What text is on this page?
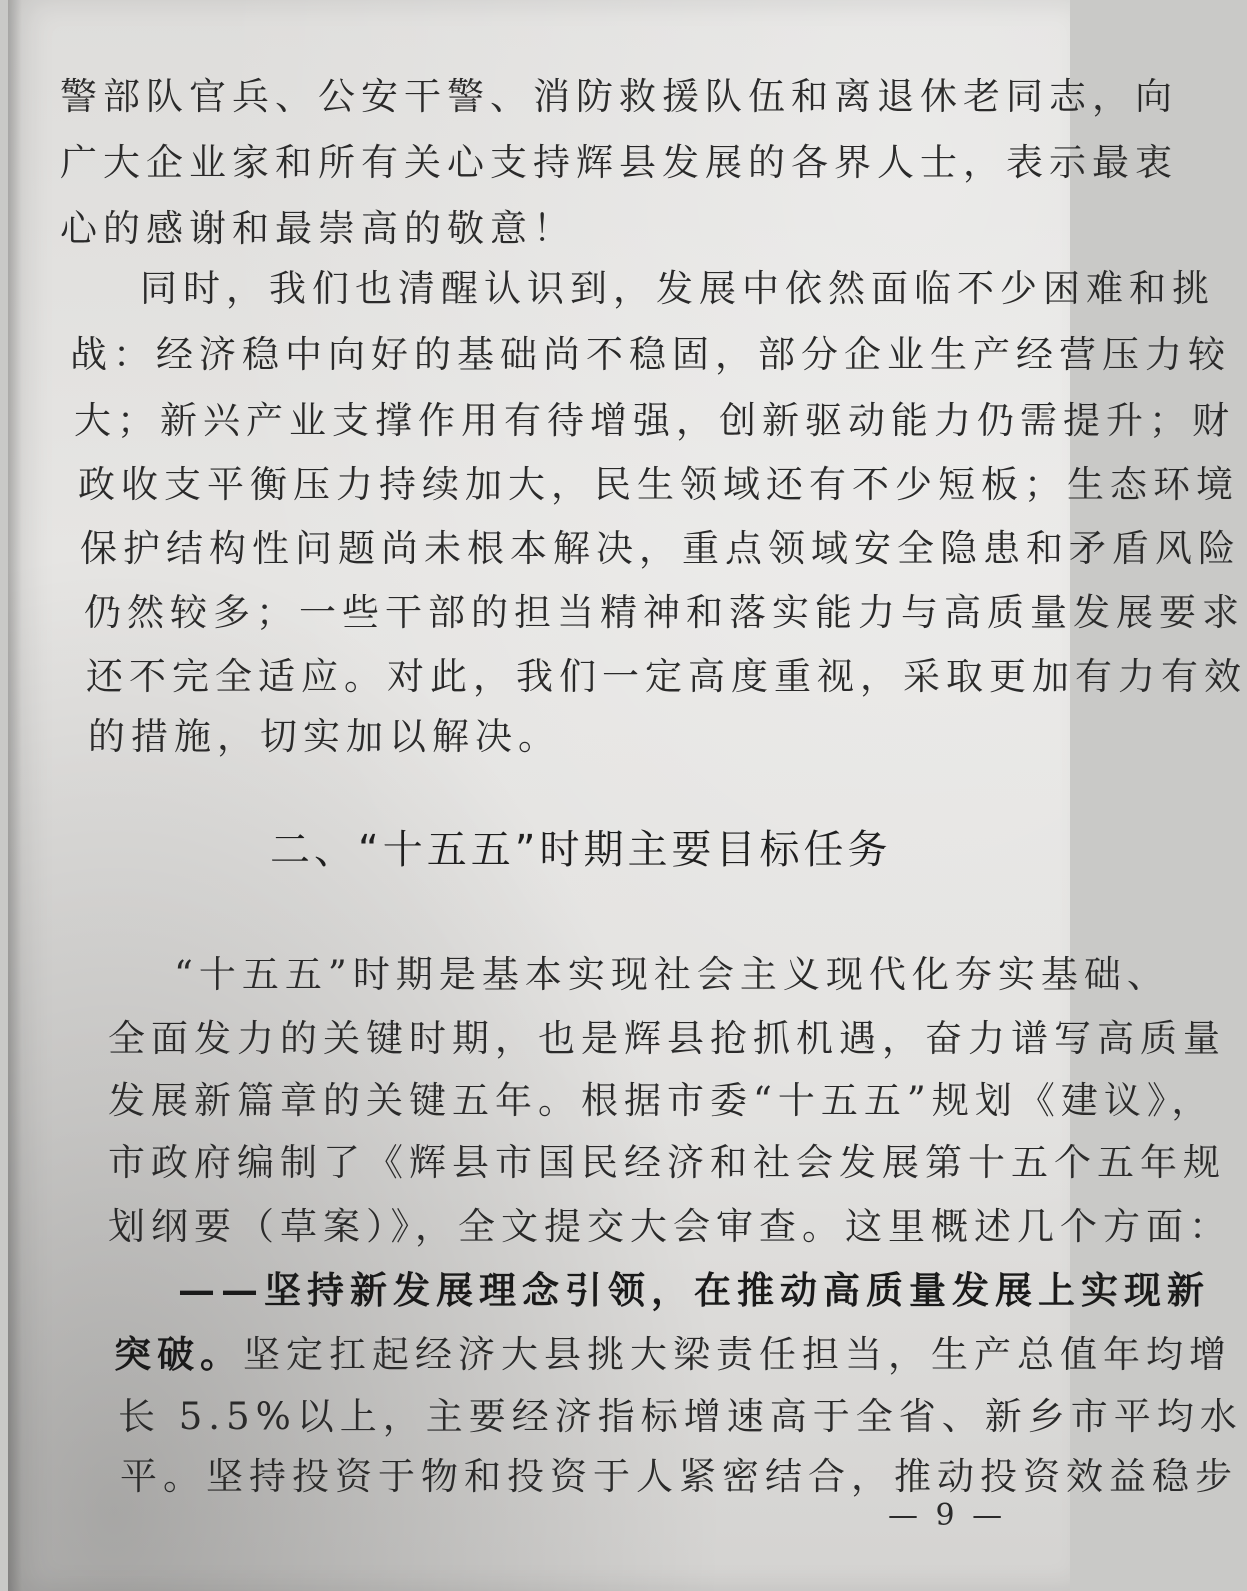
警部队官兵、公安干警、消防救援队伍和离退休老同志，向
广大企业家和所有关心支持辉县发展的各界人士，表示最衷
心的感谢和最崇高的敬意！
同时，我们也清醒认识到，发展中依然面临不少困难和挑
战：经济稳中向好的基础尚不稳固，部分企业生产经营压力较
大；新兴产业支撑作用有待增强，创新驱动能力仍需提升；财
政收支平衡压力持续加大，民生领域还有不少短板；生态环境
保护结构性问题尚未根本解决，重点领域安全隐患和矛盾风险
仍然较多；一些干部的担当精神和落实能力与高质量发展要求
还不完全适应。对此，我们一定高度重视，采取更加有力有效
的措施，切实加以解决。
二、“十五五”时期主要目标任务
“十五五”时期是基本实现社会主义现代化夯实基础、
全面发力的关键时期，也是辉县抢抓机遇，奋力谱写高质量
发展新篇章的关键五年。根据市委“十五五”规划《建议》，
市政府编制了《辉县市国民经济和社会发展第十五个五年规
划纲要（草案）》，全文提交大会审查。这里概述几个方面：
——坚持新发展理念引领，在推动高质量发展上实现新
突破。坚定扛起经济大县挑大梁责任担当，生产总值年均增
长 5.5%以上，主要经济指标增速高于全省、新乡市平均水
平。坚持投资于物和投资于人紧密结合，推动投资效益稳步
— 9 —
